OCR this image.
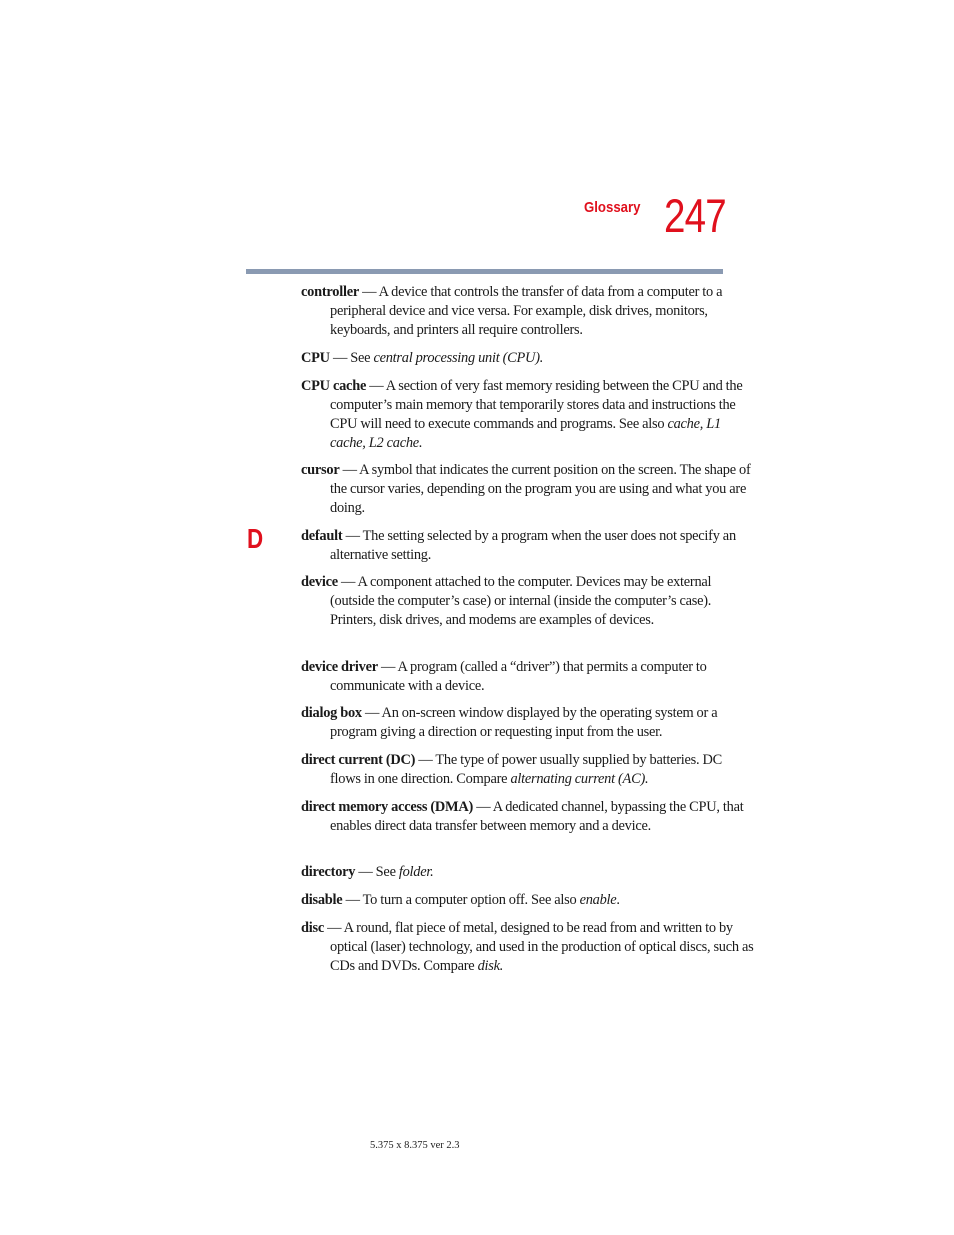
Glossary 247
D

controller — A device that controls the transfer of data from a computer to a peripheral device and vice versa. For example, disk drives, monitors, keyboards, and printers all require controllers.

CPU — See central processing unit (CPU).

CPU cache — A section of very fast memory residing between the CPU and the computer’s main memory that temporarily stores data and instructions the CPU will need to execute commands and programs. See also cache, L1 cache, L2 cache.

cursor — A symbol that indicates the current position on the screen. The shape of the cursor varies, depending on the program you are using and what you are doing.

default — The setting selected by a program when the user does not specify an alternative setting.

device — A component attached to the computer. Devices may be external (outside the computer’s case) or internal (inside the computer’s case). Printers, disk drives, and modems are examples of devices.

device driver — A program (called a “driver”) that permits a computer to communicate with a device.

dialog box — An on-screen window displayed by the operating system or a program giving a direction or requesting input from the user.

direct current (DC) — The type of power usually supplied by batteries. DC flows in one direction. Compare alternating current (AC).

direct memory access (DMA) — A dedicated channel, bypassing the CPU, that enables direct data transfer between memory and a device.

directory — See folder.

disable — To turn a computer option off. See also enable.

disc — A round, flat piece of metal, designed to be read from and written to by optical (laser) technology, and used in the production of optical discs, such as CDs and DVDs. Compare disk.

5.375 x 8.375 ver 2.3
